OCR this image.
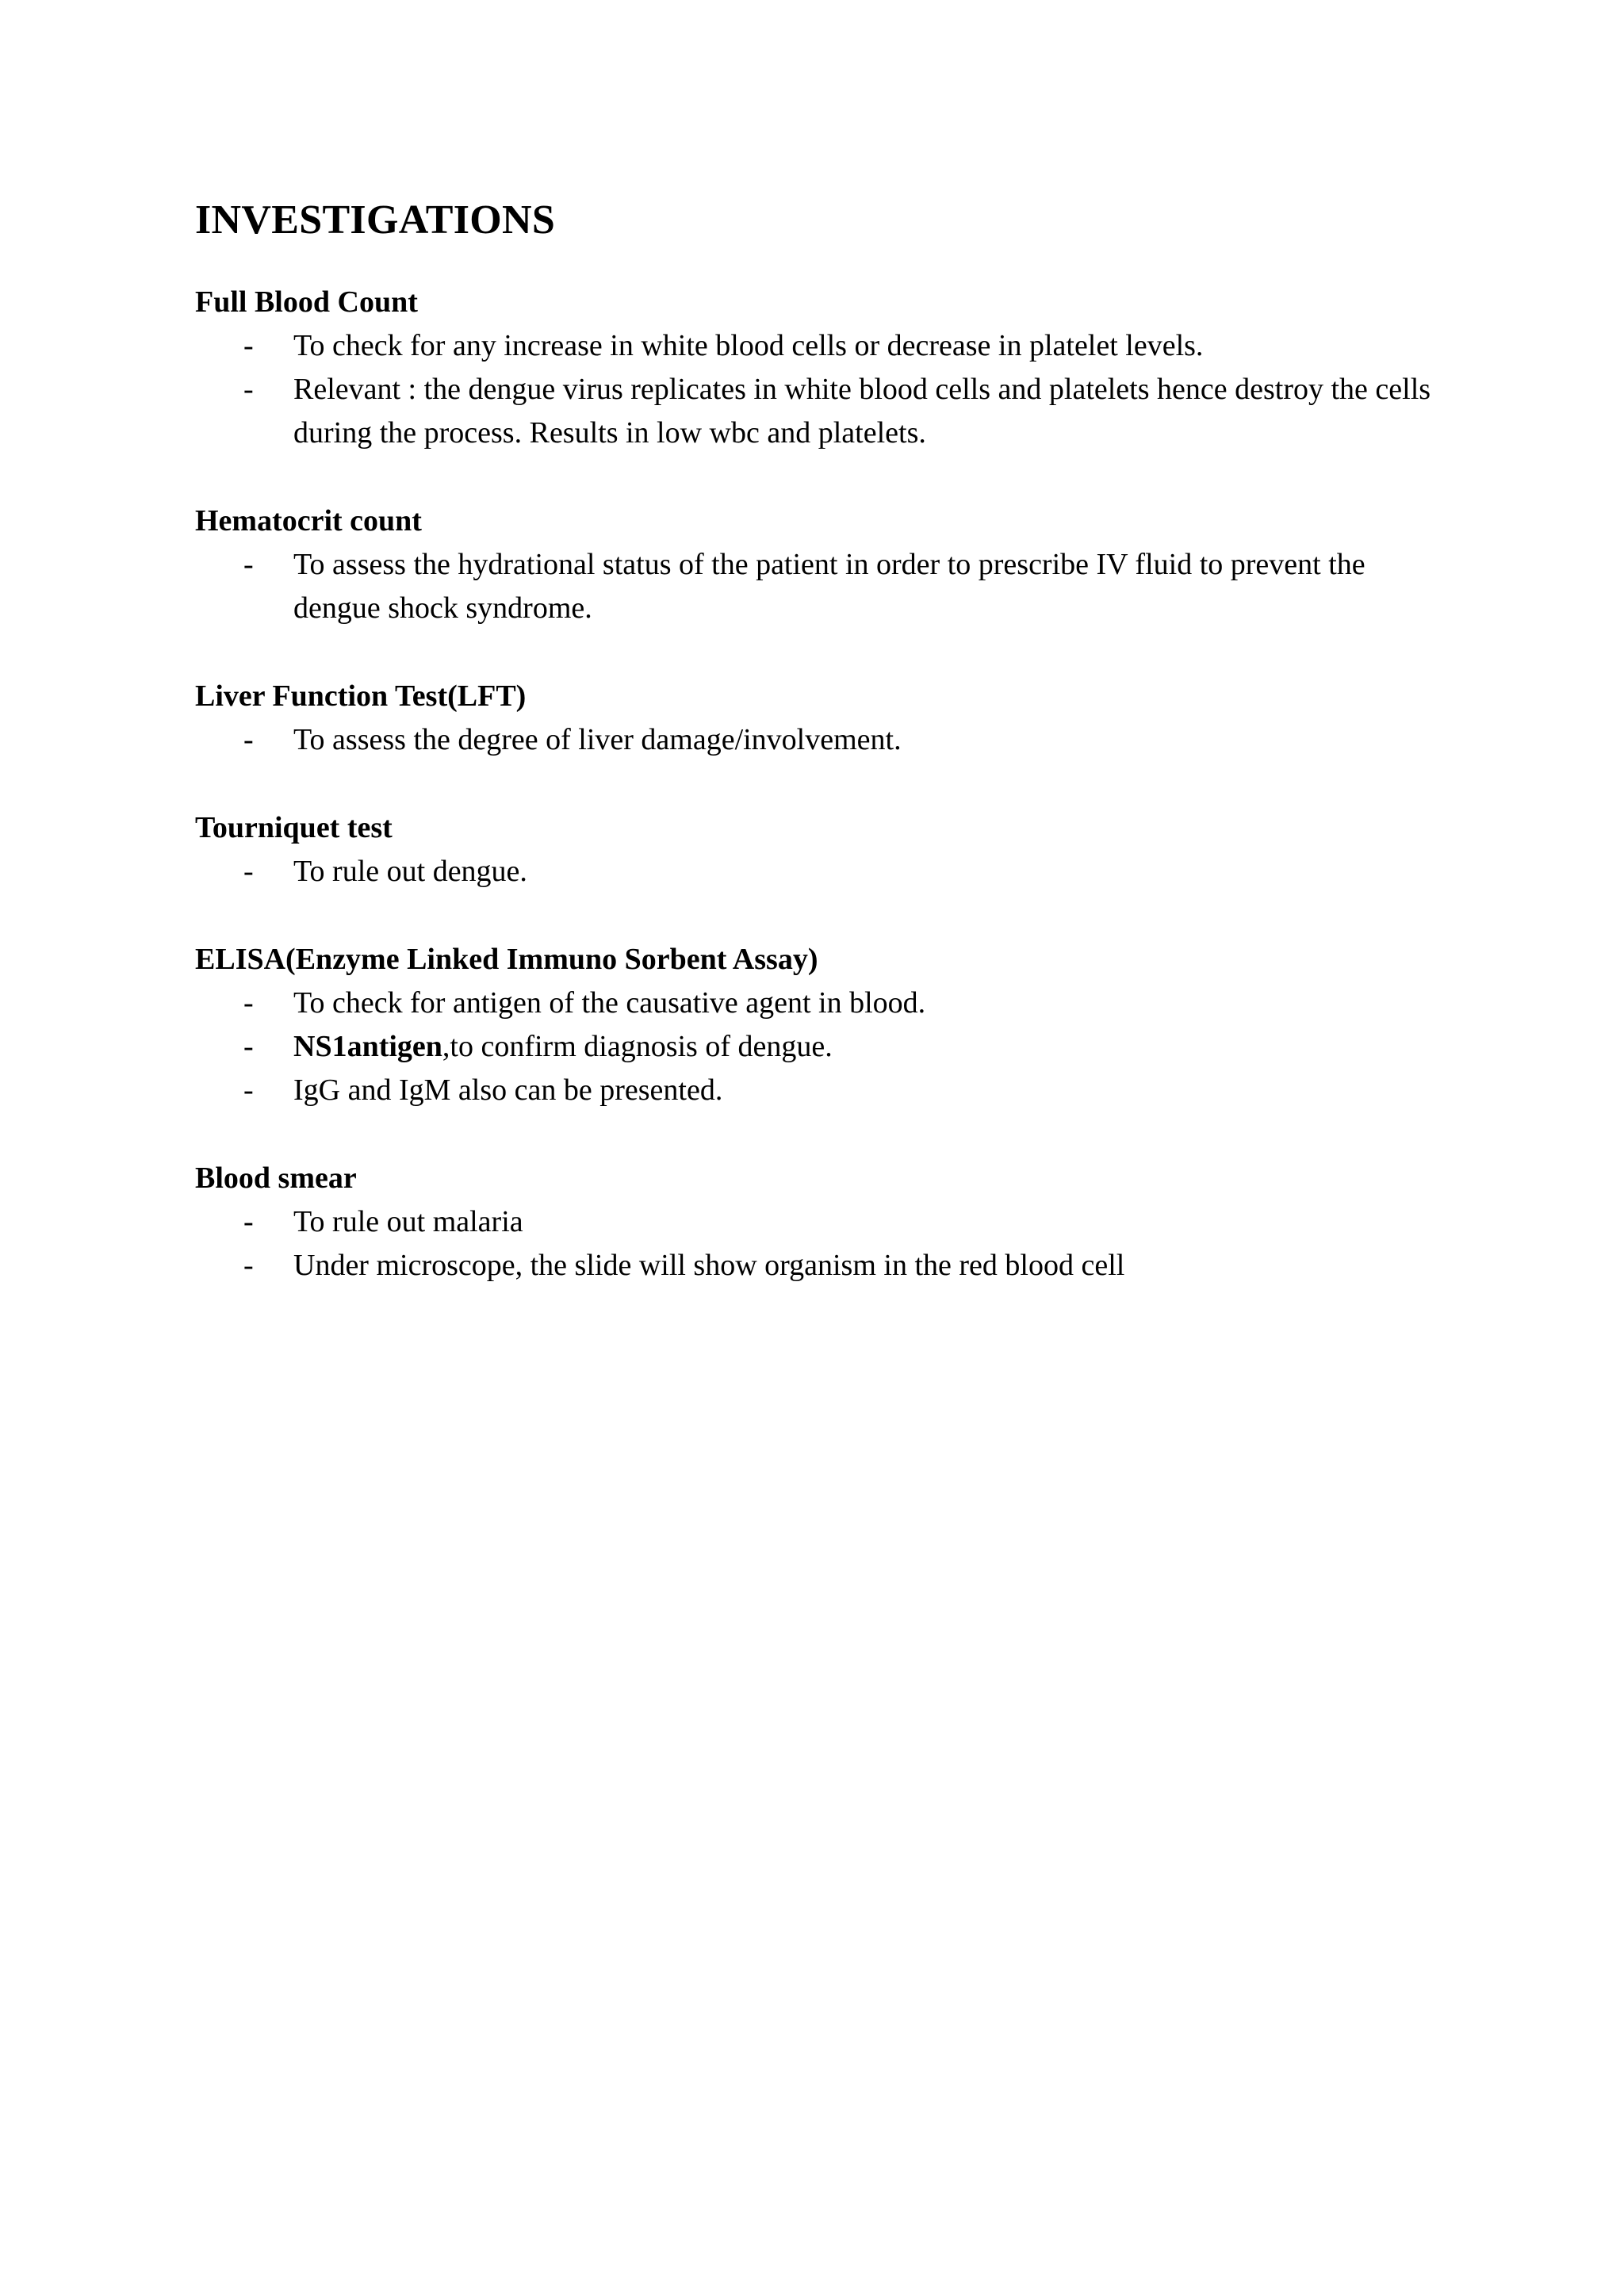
INVESTIGATIONS

Full Blood Count

- To check for any increase in white blood cells or decrease in platelet levels.
- Relevant : the dengue virus replicates in white blood cells and platelets hence destroy the cells during the process. Results in low wbc and platelets.

Hematocrit count

- To assess the hydrational status of the patient in order to prescribe IV fluid to prevent the dengue shock syndrome.

Liver Function Test(LFT)

- To assess the degree of liver damage/involvement.

Tourniquet test

- To rule out dengue.

ELISA(Enzyme Linked Immuno Sorbent Assay)

- To check for antigen of the causative agent in blood.
- NS1antigen,to confirm diagnosis of dengue.
- IgG and IgM also can be presented.

Blood smear

- To rule out malaria
- Under microscope, the slide will show organism in the red blood cell
